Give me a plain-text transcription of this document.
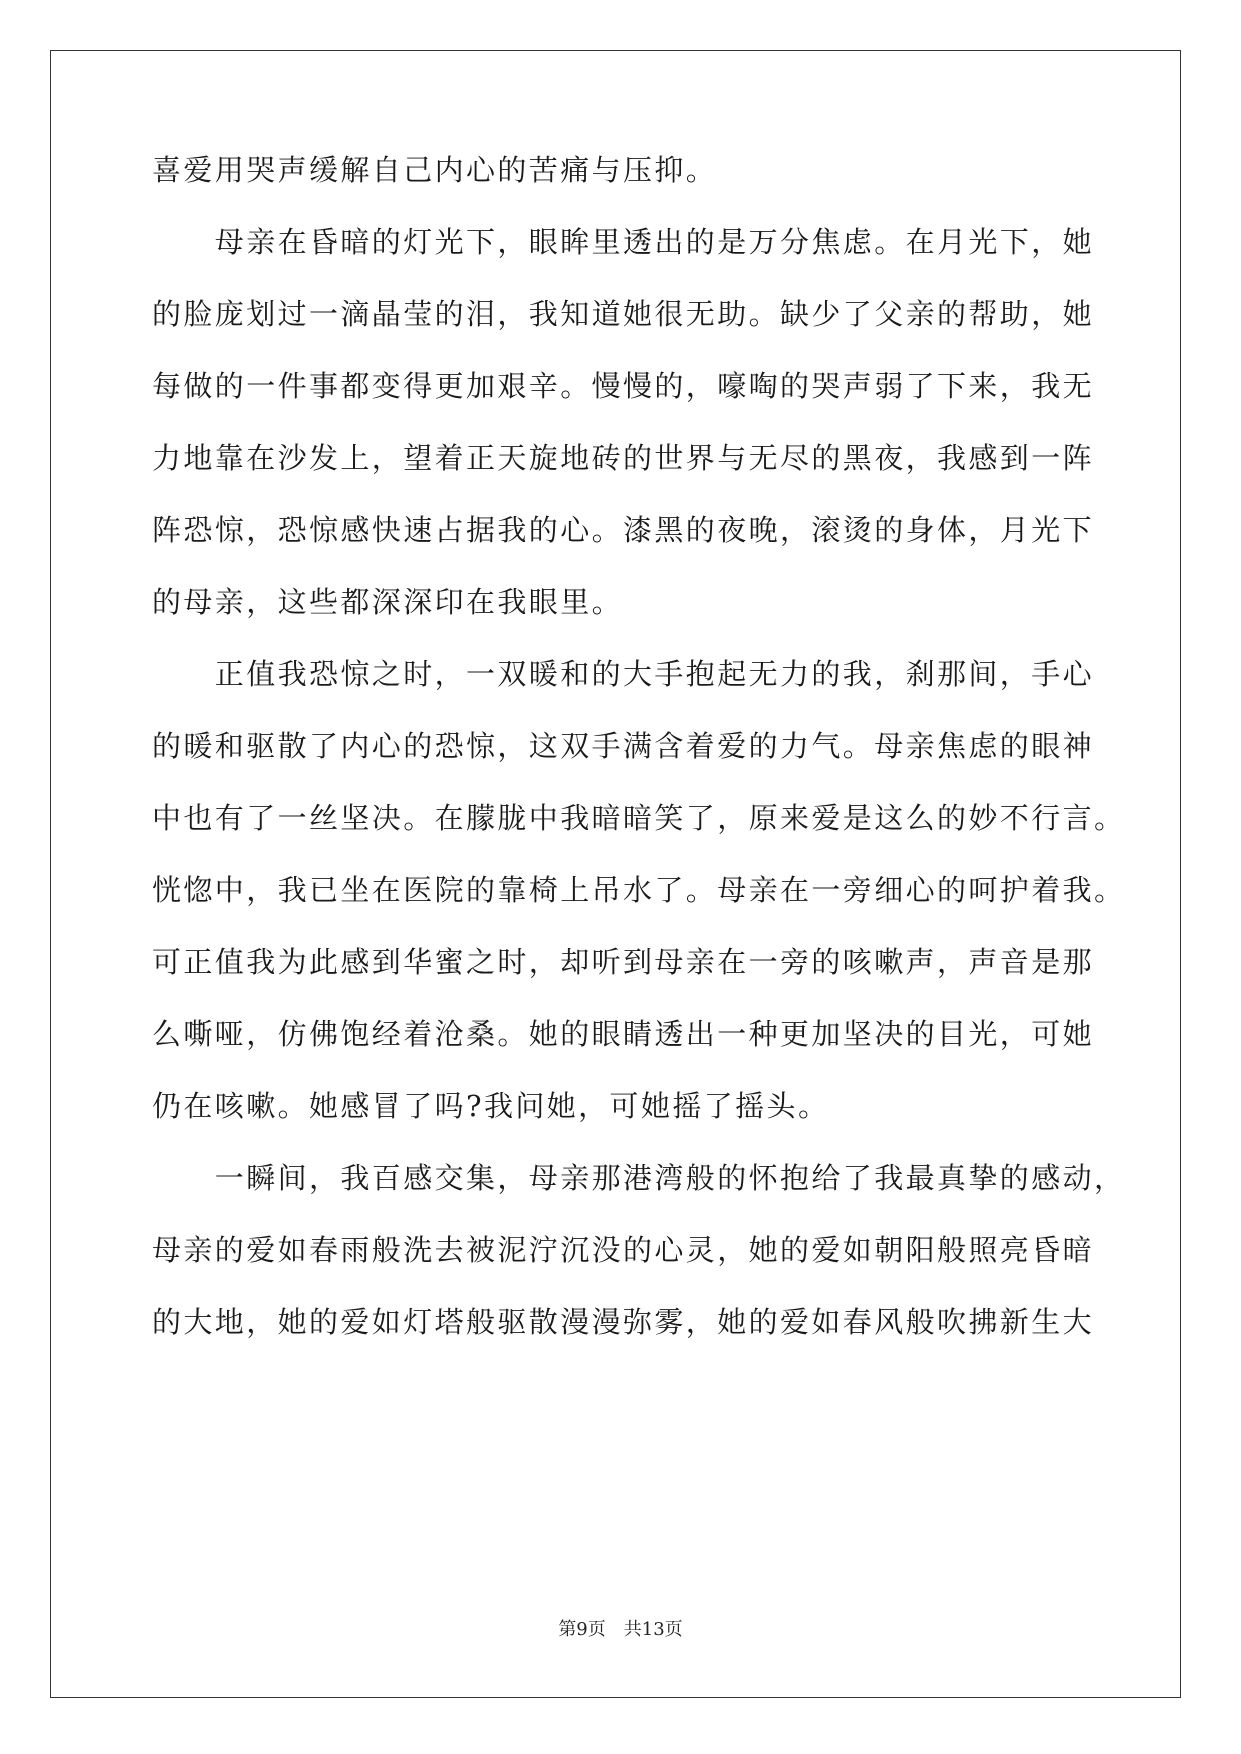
喜爱用哭声缓解自己内心的苦痛与压抑。
　　母亲在昏暗的灯光下，眼眸里透出的是万分焦虑。在月光下，她
的脸庞划过一滴晶莹的泪，我知道她很无助。缺少了父亲的帮助，她
每做的一件事都变得更加艰辛。慢慢的，嚎啕的哭声弱了下来，我无
力地靠在沙发上，望着正天旋地砖的世界与无尽的黑夜，我感到一阵
阵恐惊，恐惊感快速占据我的心。漆黑的夜晚，滚烫的身体，月光下
的母亲，这些都深深印在我眼里。
　　正值我恐惊之时，一双暖和的大手抱起无力的我，刹那间，手心
的暖和驱散了内心的恐惊，这双手满含着爱的力气。母亲焦虑的眼神
中也有了一丝坚决。在朦胧中我暗暗笑了，原来爱是这么的妙不行言。
恍惚中，我已坐在医院的靠椅上吊水了。母亲在一旁细心的呵护着我。
可正值我为此感到华蜜之时，却听到母亲在一旁的咳嗽声，声音是那
么嘶哑，仿佛饱经着沧桑。她的眼睛透出一种更加坚决的目光，可她
仍在咳嗽。她感冒了吗?我问她，可她摇了摇头。
　　一瞬间，我百感交集，母亲那港湾般的怀抱给了我最真挚的感动，
母亲的爱如春雨般洗去被泥泞沉没的心灵，她的爱如朝阳般照亮昏暗
的大地，她的爱如灯塔般驱散漫漫弥雾，她的爱如春风般吹拂新生大
第9页　共13页
